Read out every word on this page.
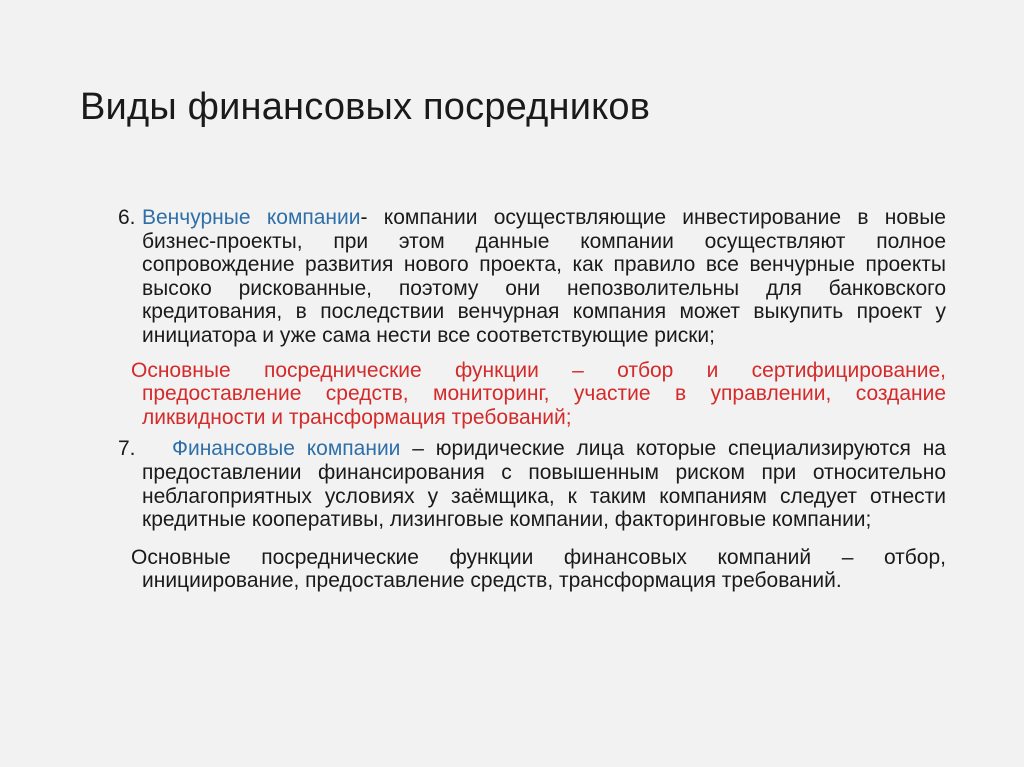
Виды финансовых посредников
6. Венчурные компании- компании осуществляющие инвестирование в новые бизнес-проекты, при этом данные компании осуществляют полное сопровождение развития нового проекта, как правило все венчурные проекты высоко рискованные, поэтому они непозволительны для банковского кредитования, в последствии венчурная компания может выкупить проект у инициатора и уже сама нести все соответствующие риски;
Основные посреднические функции – отбор и сертифицирование, предоставление средств, мониторинг, участие в управлении, создание ликвидности и трансформация требований;
7.	Финансовые компании – юридические лица которые специализируются на предоставлении финансирования с повышенным риском при относительно неблагоприятных условиях у заёмщика, к таким компаниям следует отнести кредитные кооперативы, лизинговые компании, факторинговые компании;
Основные посреднические функции финансовых компаний – отбор, инициирование, предоставление средств, трансформация требований.
